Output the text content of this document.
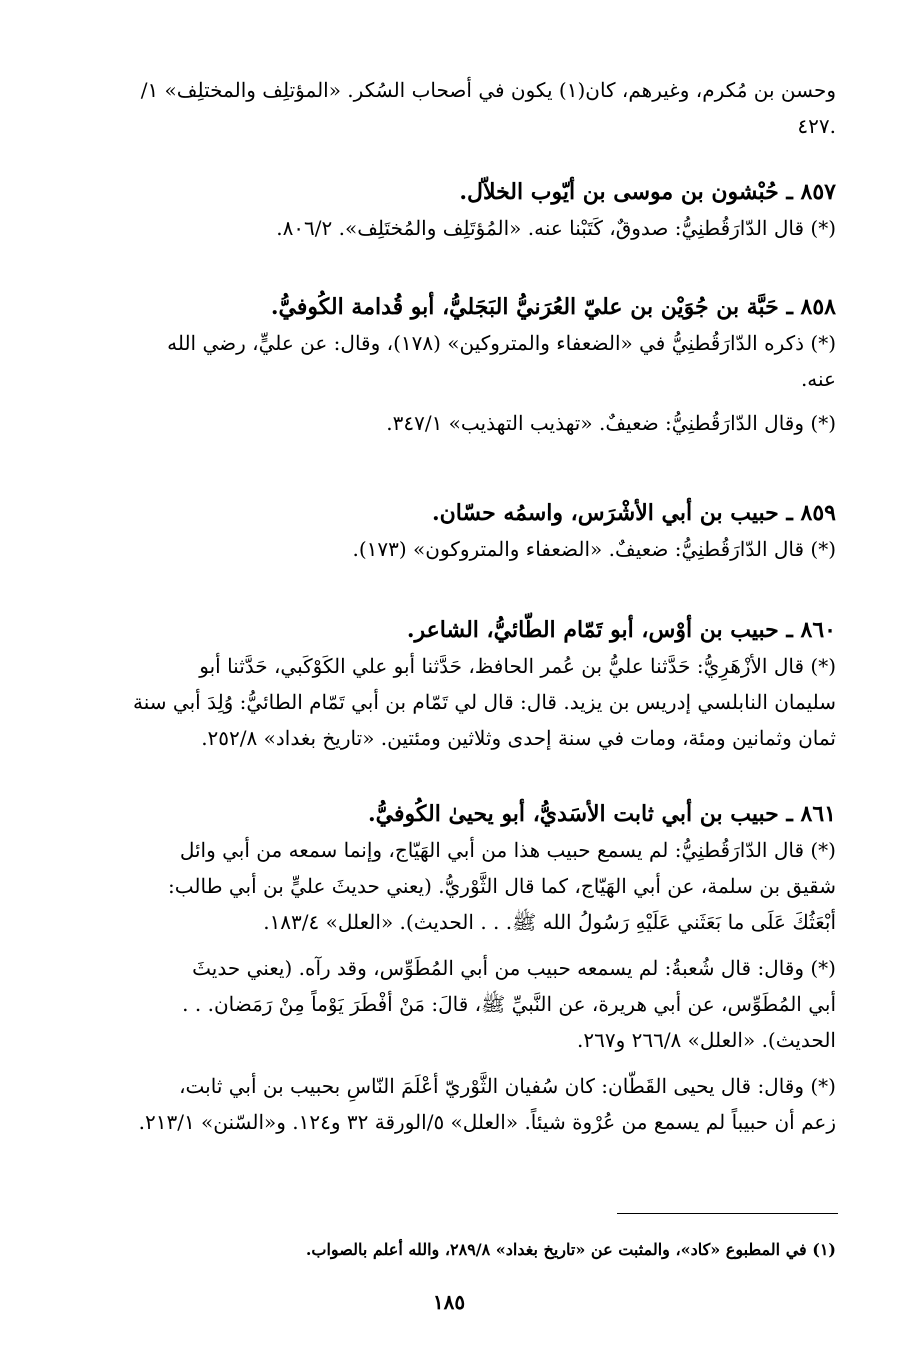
وحسن بن مُكرم، وغيرهم، كان(١) يكون في أصحاب السُكر. «المؤتلِف والمختلِف» ١/
.٤٢٧
٨٥٧ ـ حُبْشون بن موسى بن أيّوب الخلاّل.
(*) قال الدّارَقُطنِيُّ: صدوقٌ، كَتَبْنا عنه. «المُؤتَلِف والمُختَلِف». ٨٠٦/٢.
٨٥٨ ـ حَبَّة بن جُوَيْن بن عليّ العُرَنيُّ البَجَليُّ، أبو قُدامة الكُوفيُّ.
(*) ذكره الدّارَقُطنِيُّ في «الضعفاء والمتروكين» (١٧٨)، وقال: عن عليٍّ، رضي الله
عنه.
(*) وقال الدّارَقُطنِيُّ: ضعيفٌ. «تهذيب التهذيب» ٣٤٧/١.
٨٥٩ ـ حبيب بن أبي الأشْرَس، واسمُه حسّان.
(*) قال الدّارَقُطنِيُّ: ضعيفٌ. «الضعفاء والمتروكون» (١٧٣).
٨٦٠ ـ حبيب بن أوْس، أبو تَمّام الطّائيُّ، الشاعر.
(*) قال الأزْهَرِيُّ: حَدَّثنا عليُّ بن عُمر الحافظ، حَدَّثنا أبو علي الكَوْكَبي، حَدَّثنا أبو
سليمان النابلسي إدريس بن يزيد. قال: قال لي تَمّام بن أبي تَمّام الطائيُّ: وُلِدَ أبي سنة
ثمان وثمانين ومئة، ومات في سنة إحدى وثلاثين ومئتين. «تاريخ بغداد» ٢٥٢/٨.
٨٦١ ـ حبيب بن أبي ثابت الأسَديُّ، أبو يحيىٰ الكُوفيُّ.
(*) قال الدّارَقُطنِيُّ: لم يسمع حبيب هذا من أبي الهَيّاج، وإنما سمعه من أبي وائل
شقيق بن سلمة، عن أبي الهَيّاج، كما قال الثَّوْريُّ. (يعني حديثَ عليٍّ بن أبي طالب:
أبْعَثُكَ عَلَى ما بَعَثَني عَلَيْهِ رَسُولُ الله ﷺ. . . الحديث). «العلل» ١٨٣/٤.
(*) وقال: قال شُعبةُ: لم يسمعه حبيب من أبي المُطَوِّس، وقد رآه. (يعني حديثَ
أبي المُطَوِّس، عن أبي هريرة، عن النَّبيِّ ﷺ، قالَ: مَنْ أفْطَرَ يَوْماً مِنْ رَمَضان. . .
الحديث). «العلل» ٢٦٦/٨ و٢٦٧.
(*) وقال: قال يحيى القَطّان: كان سُفيان الثَّوْريّ أعْلَمَ النّاسِ بحبيب بن أبي ثابت،
زعم أن حبيباً لم يسمع من عُرْوة شيئاً. «العلل» ٥/الورقة ٣٢ و١٢٤. و«السّنن» ٢١٣/١.
(١) في المطبوع «كاد»، والمثبت عن «تاريخ بغداد» ٢٨٩/٨، والله أعلم بالصواب.
١٨٥
